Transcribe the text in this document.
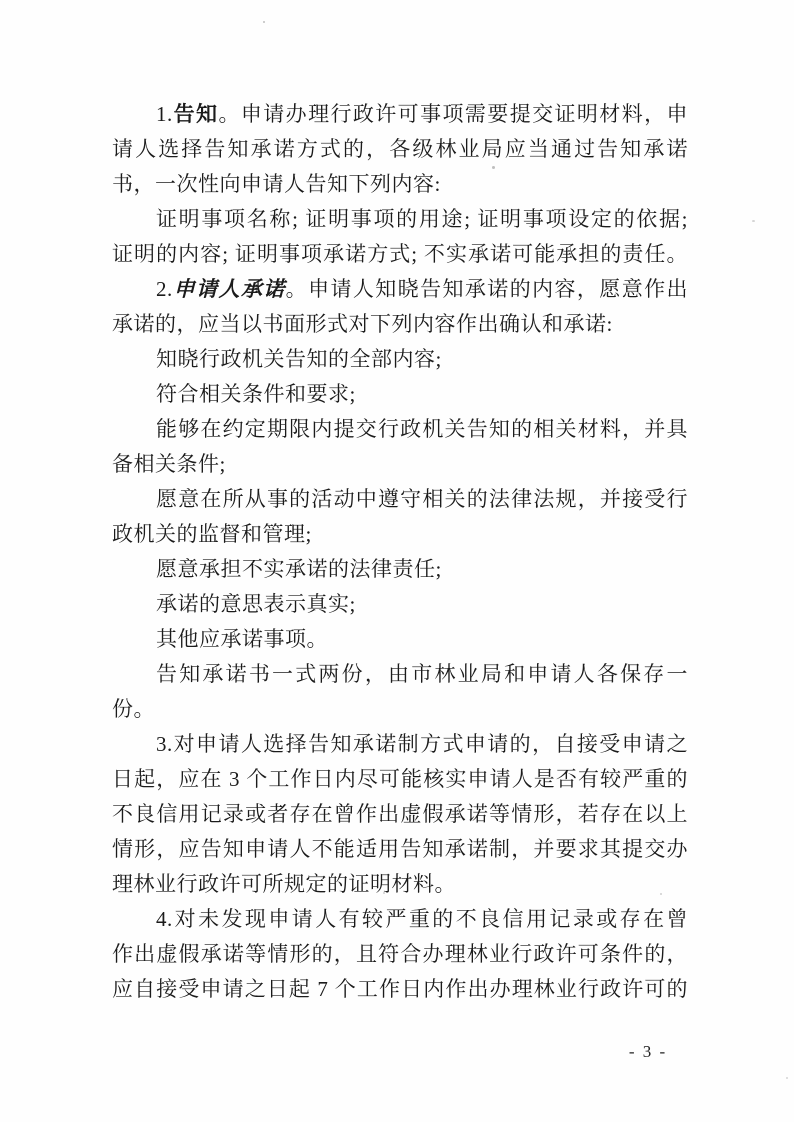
1.告知。申请办理行政许可事项需要提交证明材料，申
请人选择告知承诺方式的，各级林业局应当通过告知承诺
书，一次性向申请人告知下列内容:
证明事项名称; 证明事项的用途; 证明事项设定的依据;
证明的内容; 证明事项承诺方式; 不实承诺可能承担的责任。
2.申请人承诺。申请人知晓告知承诺的内容，愿意作出
承诺的，应当以书面形式对下列内容作出确认和承诺:
知晓行政机关告知的全部内容;
符合相关条件和要求;
能够在约定期限内提交行政机关告知的相关材料，并具
备相关条件;
愿意在所从事的活动中遵守相关的法律法规，并接受行
政机关的监督和管理;
愿意承担不实承诺的法律责任;
承诺的意思表示真实;
其他应承诺事项。
告知承诺书一式两份，由市林业局和申请人各保存一
份。
3.对申请人选择告知承诺制方式申请的，自接受申请之
日起，应在 3 个工作日内尽可能核实申请人是否有较严重的
不良信用记录或者存在曾作出虚假承诺等情形，若存在以上
情形，应告知申请人不能适用告知承诺制，并要求其提交办
理林业行政许可所规定的证明材料。
4.对未发现申请人有较严重的不良信用记录或存在曾
作出虚假承诺等情形的，且符合办理林业行政许可条件的，
应自接受申请之日起 7 个工作日内作出办理林业行政许可的
- 3 -
